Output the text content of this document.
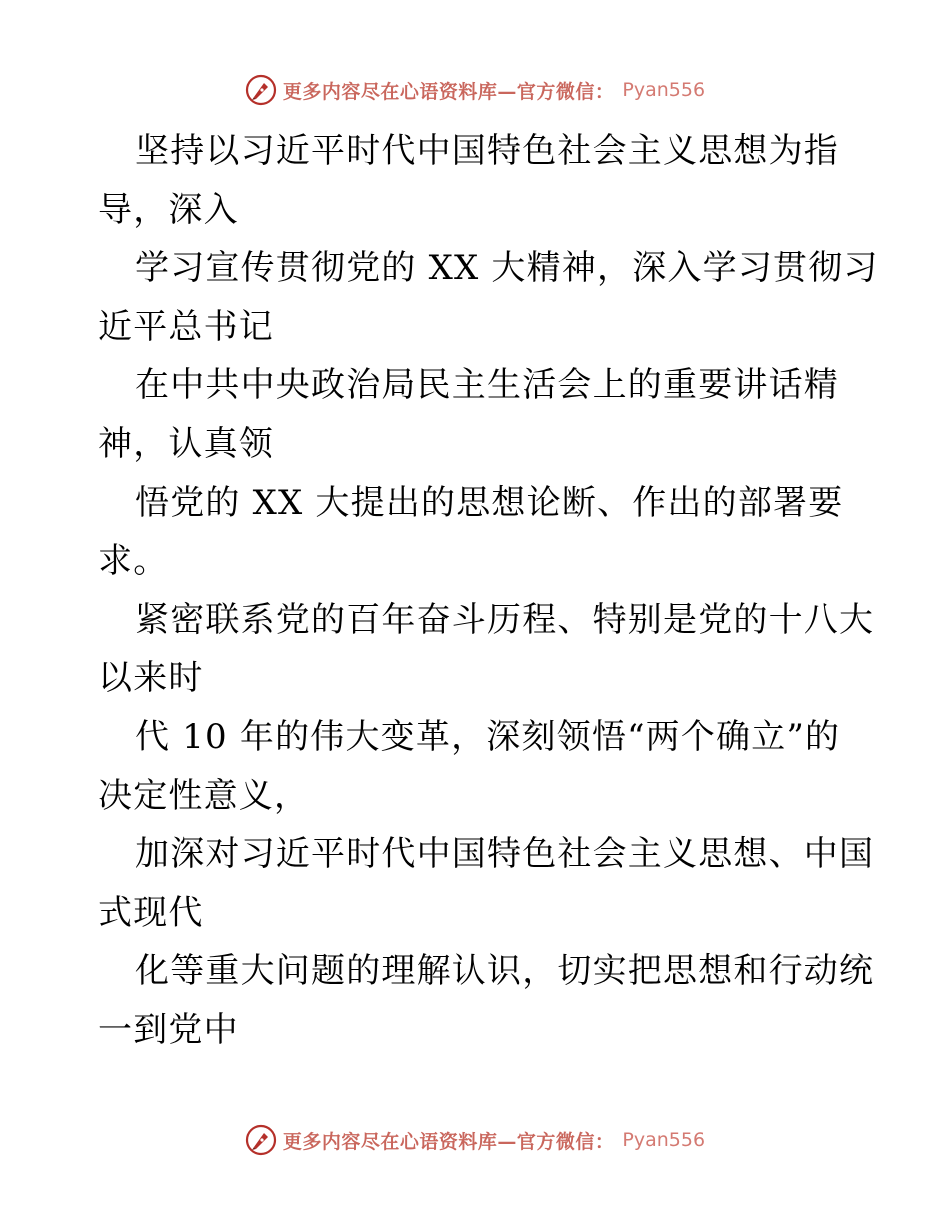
更多内容尽在心语资料库—官方微信： Pyan556
坚持以习近平时代中国特色社会主义思想为指
导，深入
学习宣传贯彻党的 XX 大精神，深入学习贯彻习
近平总书记
在中共中央政治局民主生活会上的重要讲话精
神，认真领
悟党的 XX 大提出的思想论断、作出的部署要
求。
紧密联系党的百年奋斗历程、特别是党的十八大
以来时
代 10 年的伟大变革，深刻领悟“两个确立”的
决定性意义，
加深对习近平时代中国特色社会主义思想、中国
式现代
化等重大问题的理解认识，切实把思想和行动统
一到党中
更多内容尽在心语资料库—官方微信： Pyan556
